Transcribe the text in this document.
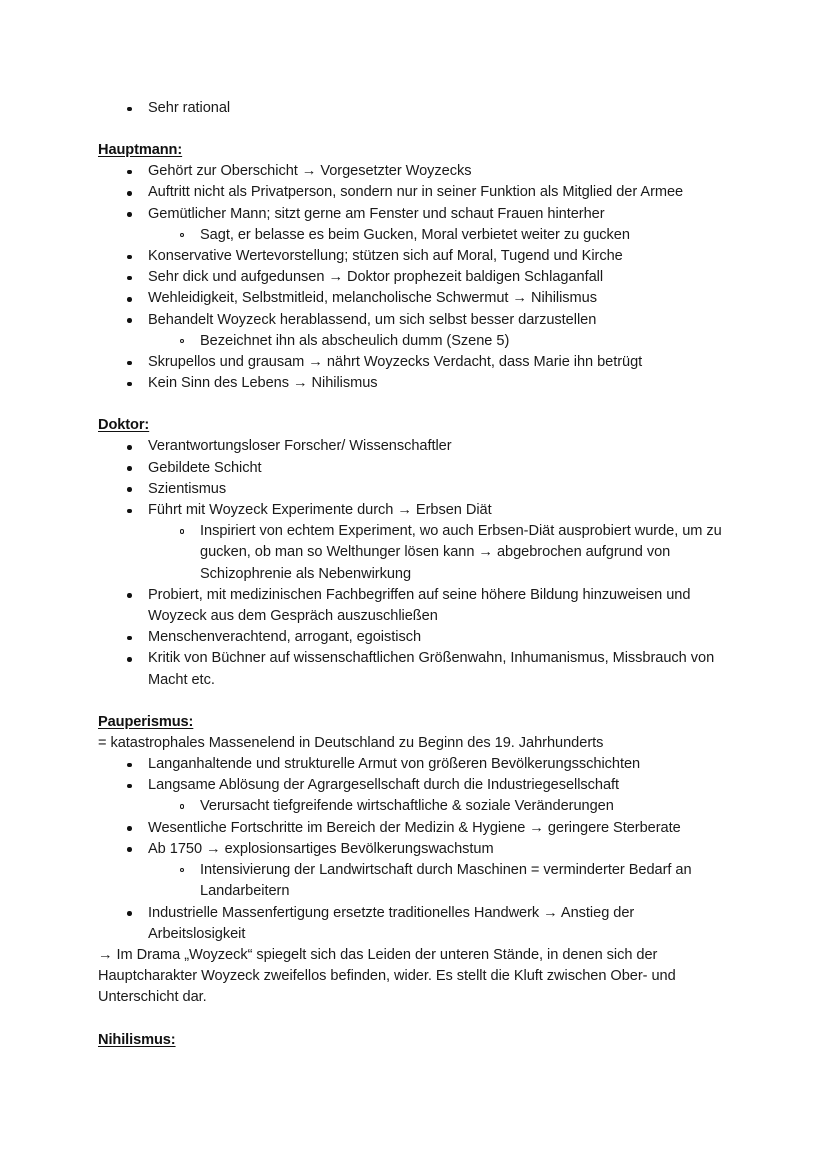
Sehr rational
Hauptmann:
Gehört zur Oberschicht → Vorgesetzter Woyzecks
Auftritt nicht als Privatperson, sondern nur in seiner Funktion als Mitglied der Armee
Gemütlicher Mann; sitzt gerne am Fenster und schaut Frauen hinterher
Sagt, er belasse es beim Gucken, Moral verbietet weiter zu gucken
Konservative Wertevorstellung; stützen sich auf Moral, Tugend und Kirche
Sehr dick und aufgedunsen → Doktor prophezeit baldigen Schlaganfall
Wehleidigkeit, Selbstmitleid, melancholische Schwermut → Nihilismus
Behandelt Woyzeck herablassend, um sich selbst besser darzustellen
Bezeichnet ihn als abscheulich dumm (Szene 5)
Skrupellos und grausam → nährt Woyzecks Verdacht, dass Marie ihn betrügt
Kein Sinn des Lebens → Nihilismus
Doktor:
Verantwortungsloser Forscher/ Wissenschaftler
Gebildete Schicht
Szientismus
Führt mit Woyzeck Experimente durch → Erbsen Diät
Inspiriert von echtem Experiment, wo auch Erbsen-Diät ausprobiert wurde, um zu gucken, ob man so Welthunger lösen kann → abgebrochen aufgrund von Schizophrenie als Nebenwirkung
Probiert, mit medizinischen Fachbegriffen auf seine höhere Bildung hinzuweisen und Woyzeck aus dem Gespräch auszuschließen
Menschenverachtend, arrogant, egoistisch
Kritik von Büchner auf wissenschaftlichen Größenwahn, Inhumanismus, Missbrauch von Macht etc.
Pauperismus:
= katastrophales Massenelend in Deutschland zu Beginn des 19. Jahrhunderts
Langanhaltende und strukturelle Armut von größeren Bevölkerungsschichten
Langsame Ablösung der Agrargesellschaft durch die Industriegesellschaft
Verursacht tiefgreifende wirtschaftliche & soziale Veränderungen
Wesentliche Fortschritte im Bereich der Medizin & Hygiene → geringere Sterberate
Ab 1750 → explosionsartiges Bevölkerungswachstum
Intensivierung der Landwirtschaft durch Maschinen = verminderter Bedarf an Landarbeitern
Industrielle Massenfertigung ersetzte traditionelles Handwerk → Anstieg der Arbeitslosigkeit
→ Im Drama „Woyzeck“ spiegelt sich das Leiden der unteren Stände, in denen sich der Hauptcharakter Woyzeck zweifellos befinden, wider. Es stellt die Kluft zwischen Ober- und Unterschicht dar.
Nihilismus:
